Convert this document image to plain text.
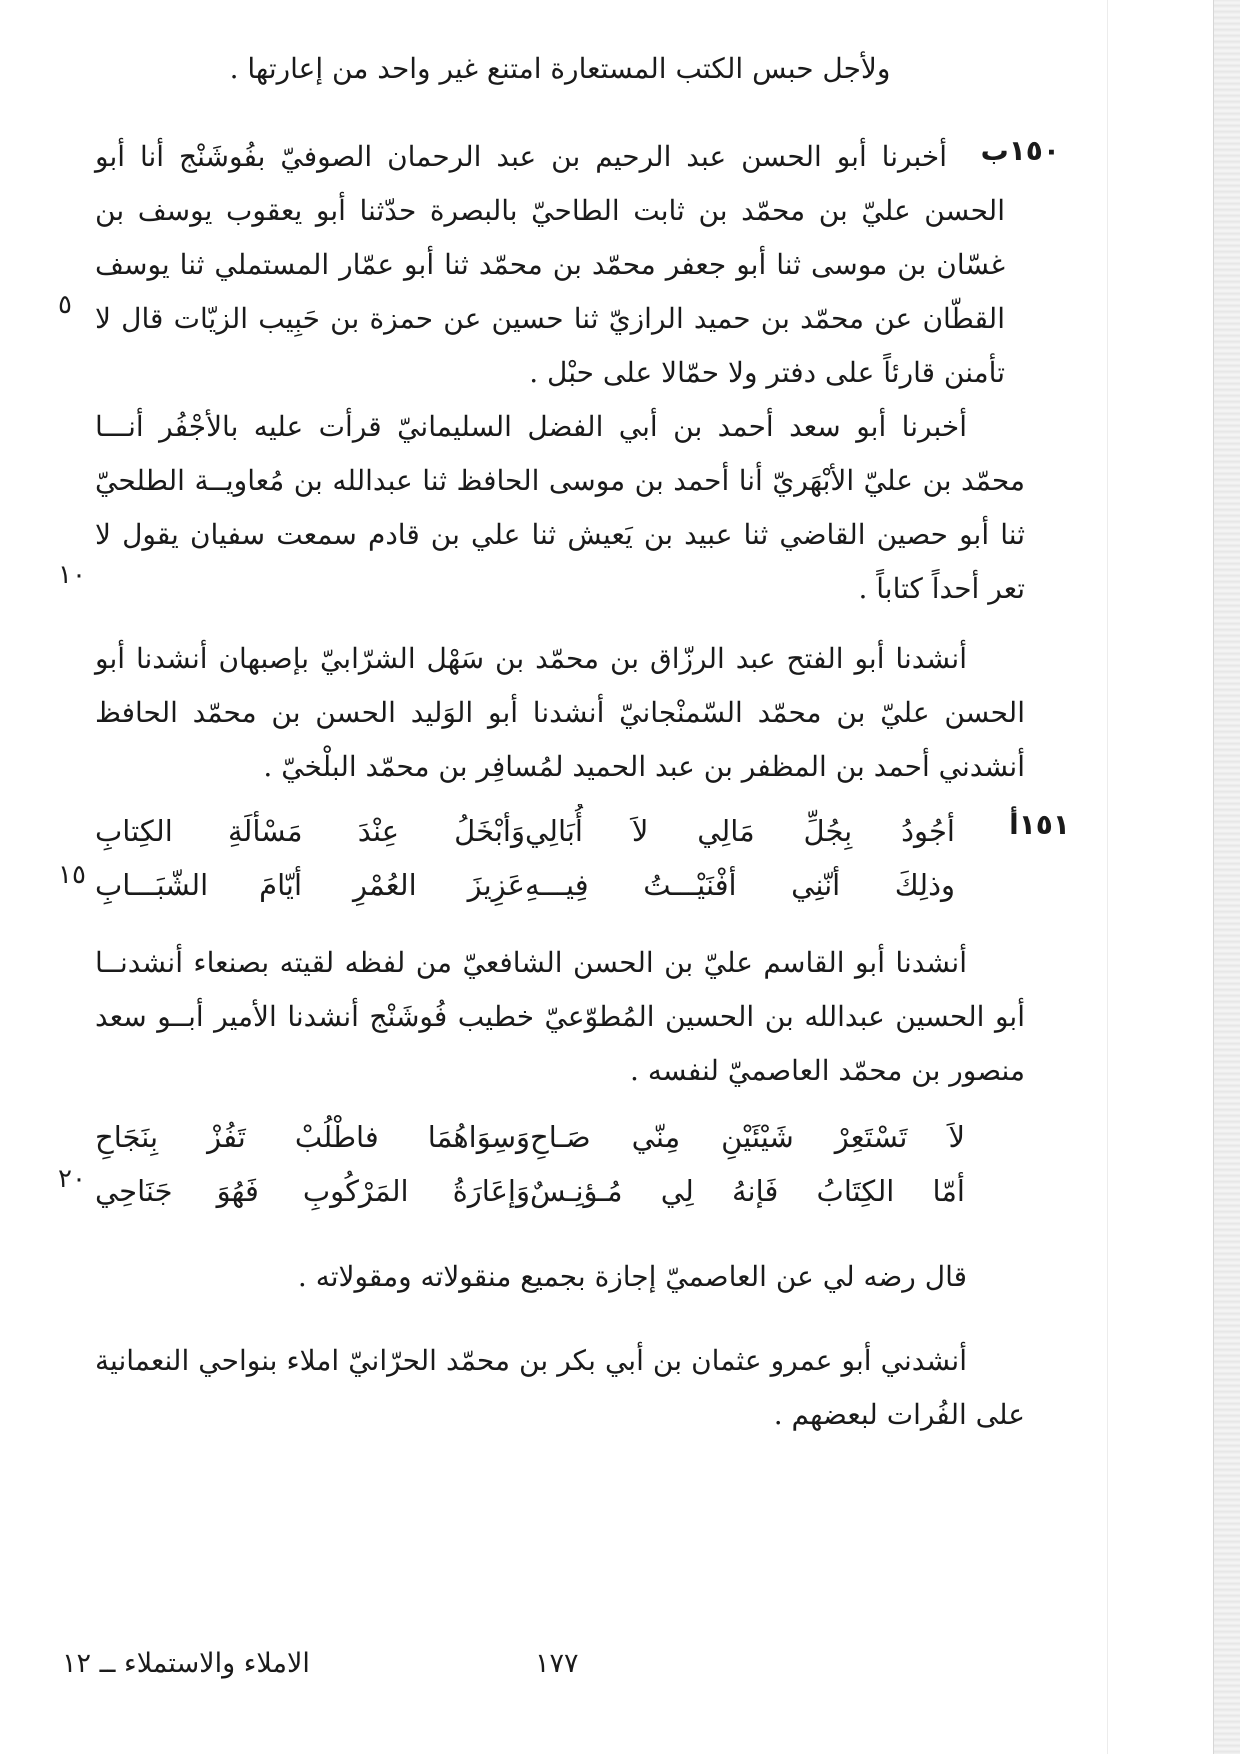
ولأجل حبس الكتب المستعارة امتنع غير واحد من إعارتها .
١٥٠ب
أخبرنا أبو الحسن عبد الرحيم بن عبد الرحمان الصوفيّ بفُوشَنْج أنا أبو الحسن عليّ بن محمّد بن ثابت الطاحيّ بالبصرة حدّثنا أبو يعقوب يوسف بن غسّان بن موسى ثنا أبو جعفر محمّد بن محمّد ثنا أبو عمّار المستملي ثنا يوسف القطّان عن محمّد بن حميد الرازيّ ثنا حسين عن حمزة بن حَبِيب الزيّات قال لا تأمنن قارئاً على دفتر ولا حمّالا على حبْل .
٥
أخبرنا أبو سعد أحمد بن أبي الفضل السليمانيّ قرأت عليه بالأجْفُر أنـــا محمّد بن عليّ الأبْهَريّ أنا أحمد بن موسى الحافظ ثنا عبدالله بن مُعاويــة الطلحيّ ثنا أبو حصين القاضي ثنا عبيد بن يَعيش ثنا علي بن قادم سمعت سفيان يقول لا تعر أحداً كتاباً .
١٠
أنشدنا أبو الفتح عبد الرزّاق بن محمّد بن سَهْل الشرّابيّ بإصبهان أنشدنا أبو الحسن عليّ بن محمّد السّمنْجانيّ أنشدنا أبو الوَليد الحسن بن محمّد الحافظ أنشدني أحمد بن المظفر بن عبد الحميد لمُسافِر بن محمّد البلْخيّ .
١٥١أ
أجُودُ بِجُلِّ مَالِي لاَ أُبَالِي
وَأبْخَلُ عِنْدَ مَسْألَةِ الكِتابِ
وذلِكَ أنّنِي أفْنَيْـــتُ فِيـــهِ
عَزِيزَ العُمْرِ أيّامَ الشّبَـــابِ
١٥
أنشدنا أبو القاسم عليّ بن الحسن الشافعيّ من لفظه لقيته بصنعاء أنشدنــا أبو الحسين عبدالله بن الحسين المُطوّعيّ خطيب فُوشَنْج أنشدنا الأمير أبــو سعد منصور بن محمّد العاصميّ لنفسه .
لاَ تَسْتَعِرْ شَيْئَيْنِ مِنّي صَـاحِ
وَسِوَاهُمَا فاطْلُبْ تَفُزْ بِنَجَاحِ
أمّا الكِتَابُ فَإنهُ لِي مُـؤنِـسٌ
وَإعَارَةُ المَرْكُوبِ فَهُوَ جَنَاحِي
٢٠
قال رضه لي عن العاصميّ إجازة بجميع منقولاته ومقولاته .
أنشدني أبو عمرو عثمان بن أبي بكر بن محمّد الحرّانيّ املاء بنواحي النعمانية على الفُرات لبعضهم .
١٧٧
الاملاء والاستملاء ــ ١٢
